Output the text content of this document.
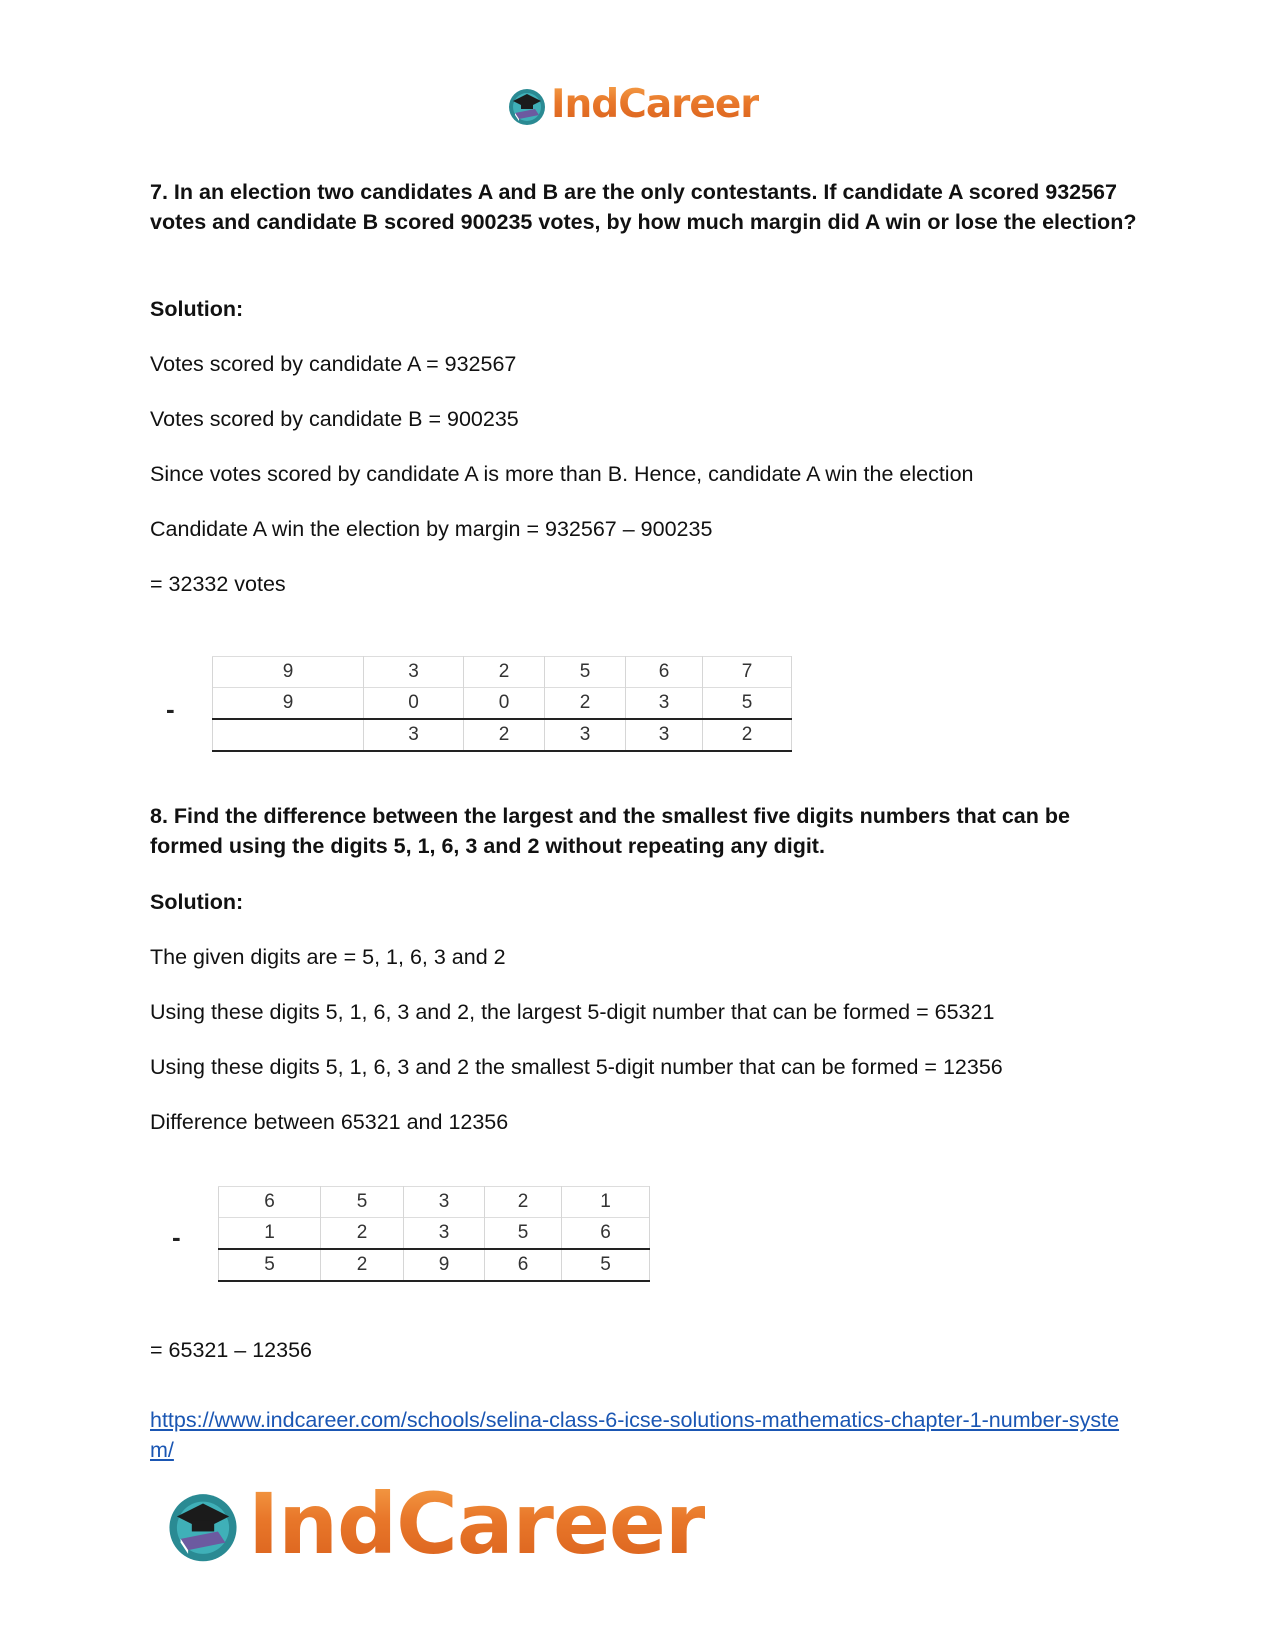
IndCareer

7. In an election two candidates A and B are the only contestants. If candidate A scored 932567 votes and candidate B scored 900235 votes, by how much margin did A win or lose the election?

Solution:

Votes scored by candidate A = 932567

Votes scored by candidate B = 900235

Since votes scored by candidate A is more than B. Hence, candidate A win the election

Candidate A win the election by margin = 932567 – 900235

= 32332 votes

-
9	3	2	5	6	7
9	0	0	2	3	5
	3	2	3	3	2

8. Find the difference between the largest and the smallest five digits numbers that can be formed using the digits 5, 1, 6, 3 and 2 without repeating any digit.

Solution:

The given digits are = 5, 1, 6, 3 and 2

Using these digits 5, 1, 6, 3 and 2, the largest 5-digit number that can be formed = 65321

Using these digits 5, 1, 6, 3 and 2 the smallest 5-digit number that can be formed = 12356

Difference between 65321 and 12356

-
6	5	3	2	1
1	2	3	5	6
5	2	9	6	5

= 65321 – 12356

https://www.indcareer.com/schools/selina-class-6-icse-solutions-mathematics-chapter-1-number-system/
IndCareer
